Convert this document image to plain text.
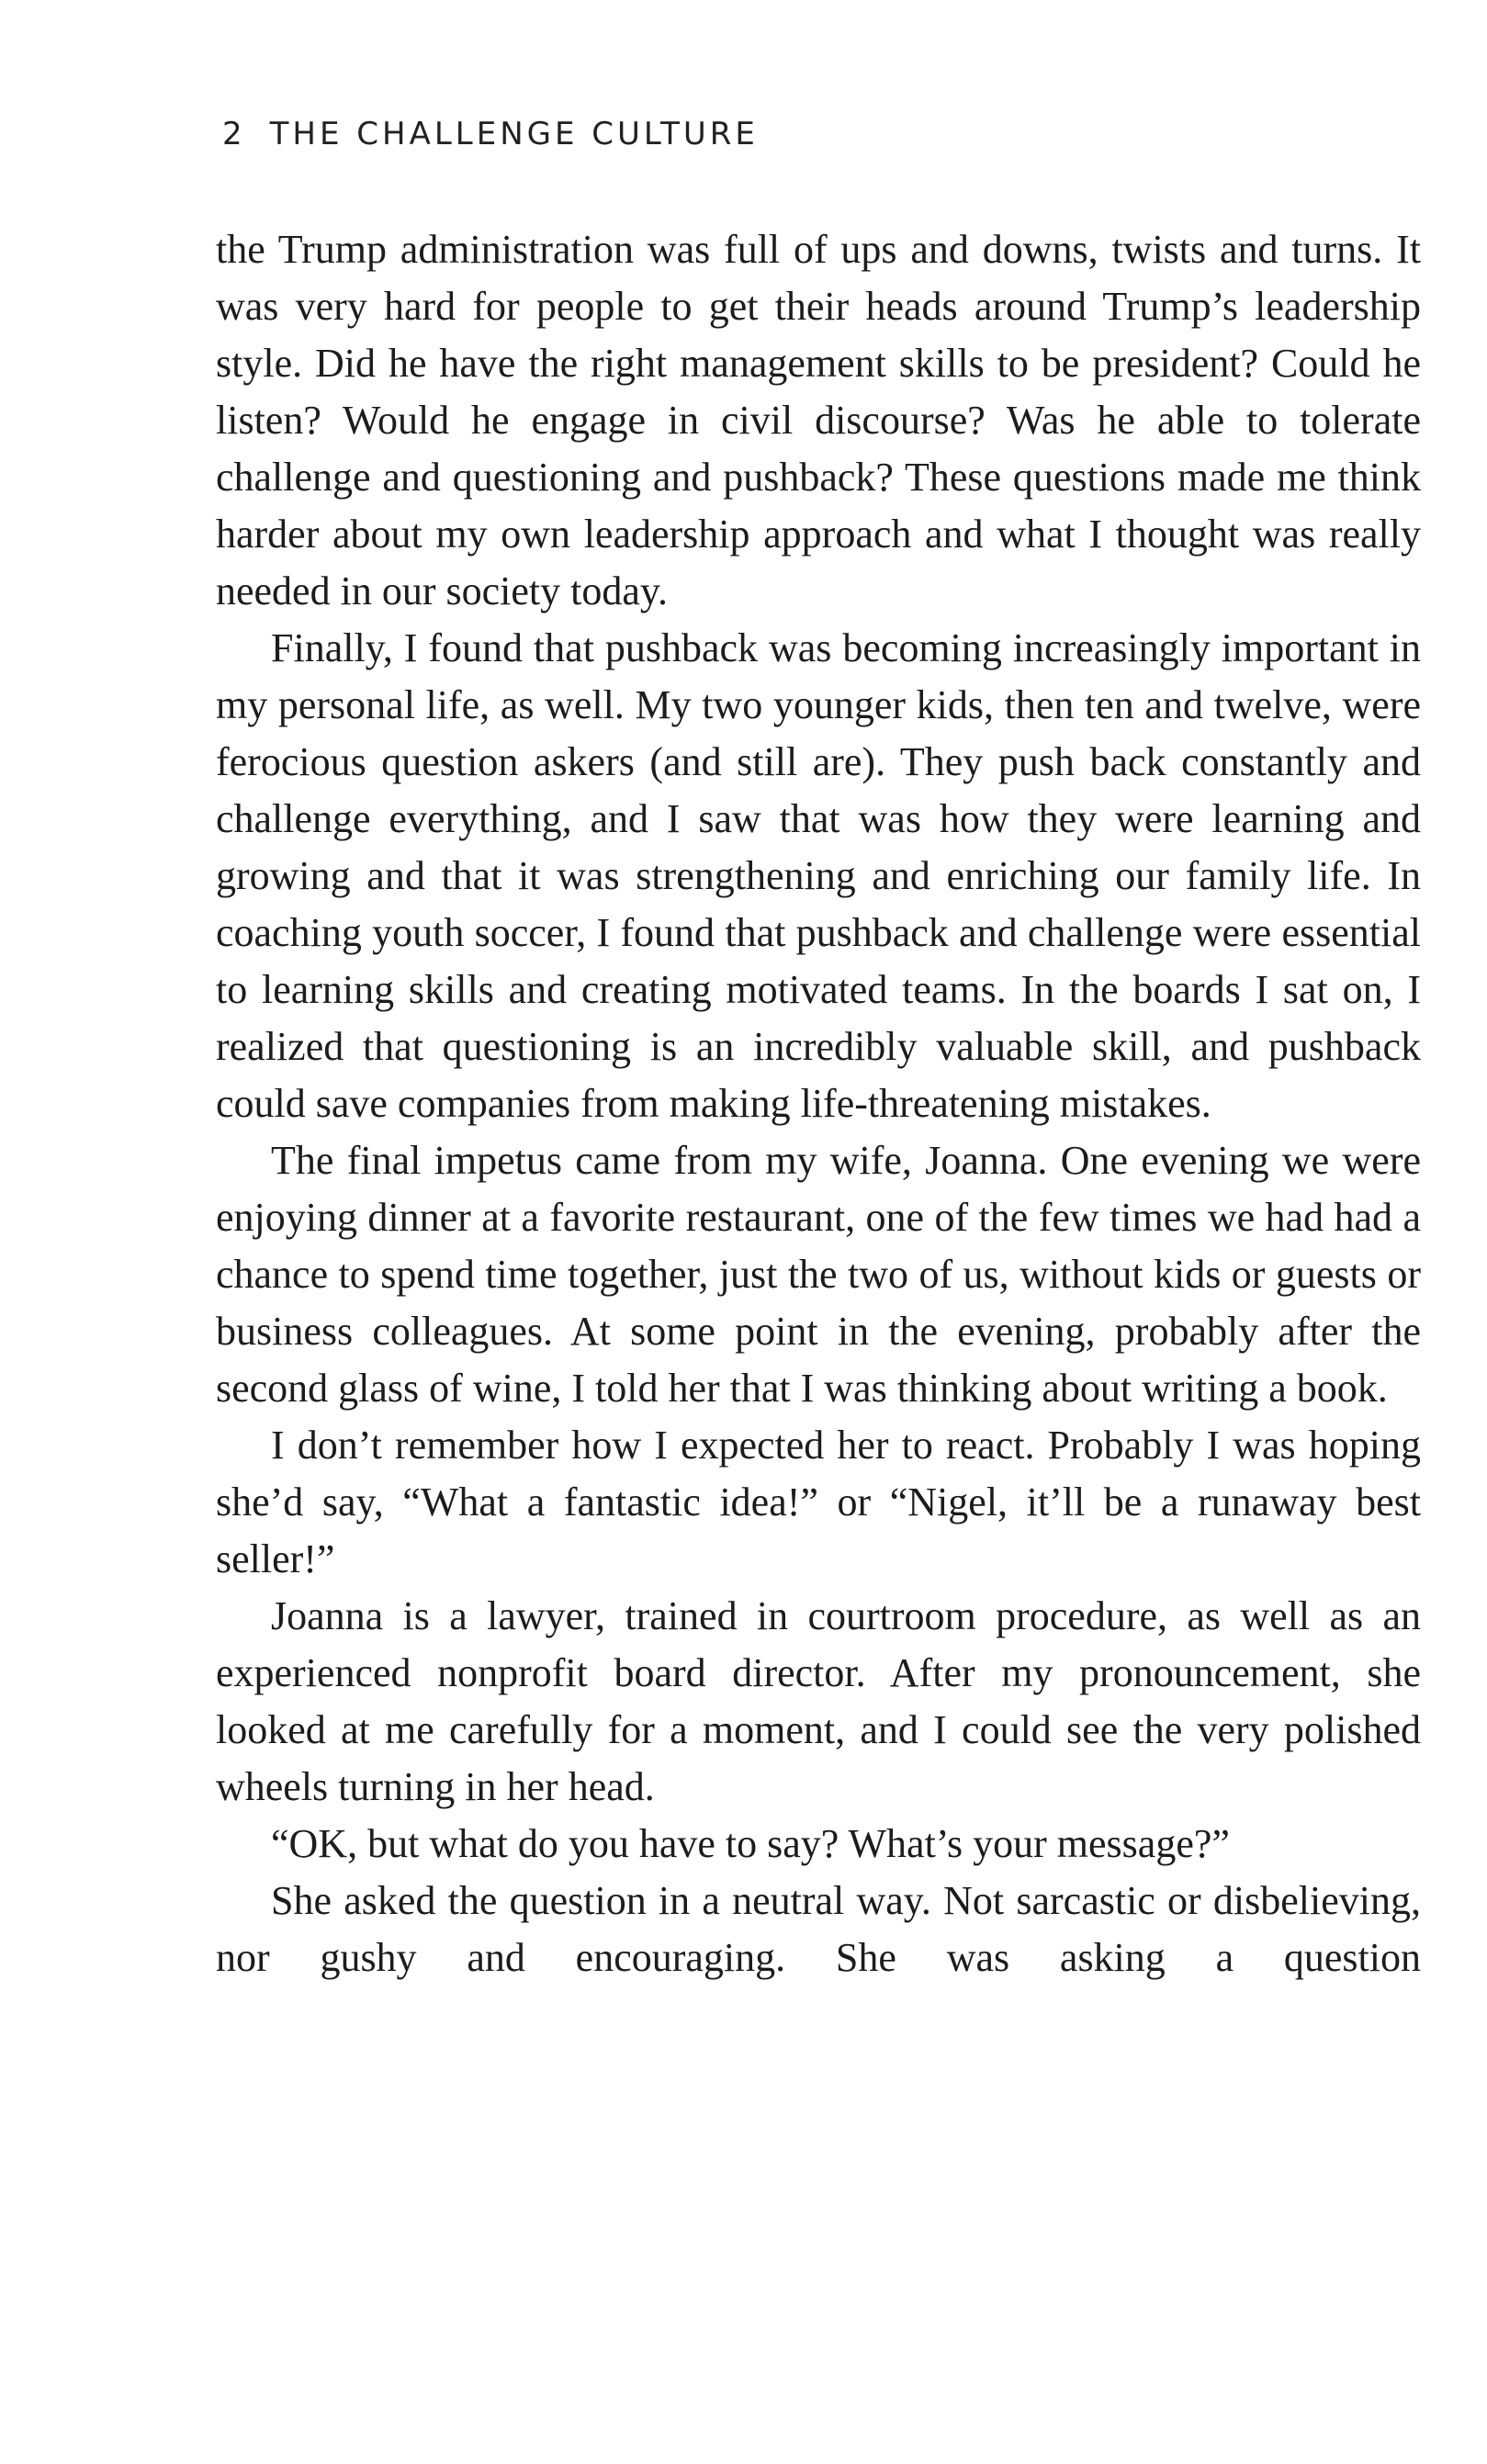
2 THE CHALLENGE CULTURE

the Trump administration was full of ups and downs, twists and turns. It was very hard for people to get their heads around Trump’s leadership style. Did he have the right management skills to be president? Could he listen? Would he engage in civil discourse? Was he able to tolerate challenge and questioning and pushback? These questions made me think harder about my own leadership approach and what I thought was really needed in our society today.

Finally, I found that pushback was becoming increasingly important in my personal life, as well. My two younger kids, then ten and twelve, were ferocious question askers (and still are). They push back constantly and challenge everything, and I saw that was how they were learning and growing and that it was strengthening and enriching our family life. In coaching youth soccer, I found that pushback and challenge were essential to learning skills and creating motivated teams. In the boards I sat on, I realized that questioning is an incredibly valuable skill, and pushback could save companies from making life-threatening mistakes.

The final impetus came from my wife, Joanna. One evening we were enjoying dinner at a favorite restaurant, one of the few times we had had a chance to spend time together, just the two of us, without kids or guests or business colleagues. At some point in the evening, probably after the second glass of wine, I told her that I was thinking about writing a book.

I don’t remember how I expected her to react. Probably I was hoping she’d say, “What a fantastic idea!” or “Nigel, it’ll be a runaway best seller!”

Joanna is a lawyer, trained in courtroom procedure, as well as an experienced nonprofit board director. After my pronouncement, she looked at me carefully for a moment, and I could see the very polished wheels turning in her head.

“OK, but what do you have to say? What’s your message?”

She asked the question in a neutral way. Not sarcastic or disbelieving, nor gushy and encouraging. She was asking a question
